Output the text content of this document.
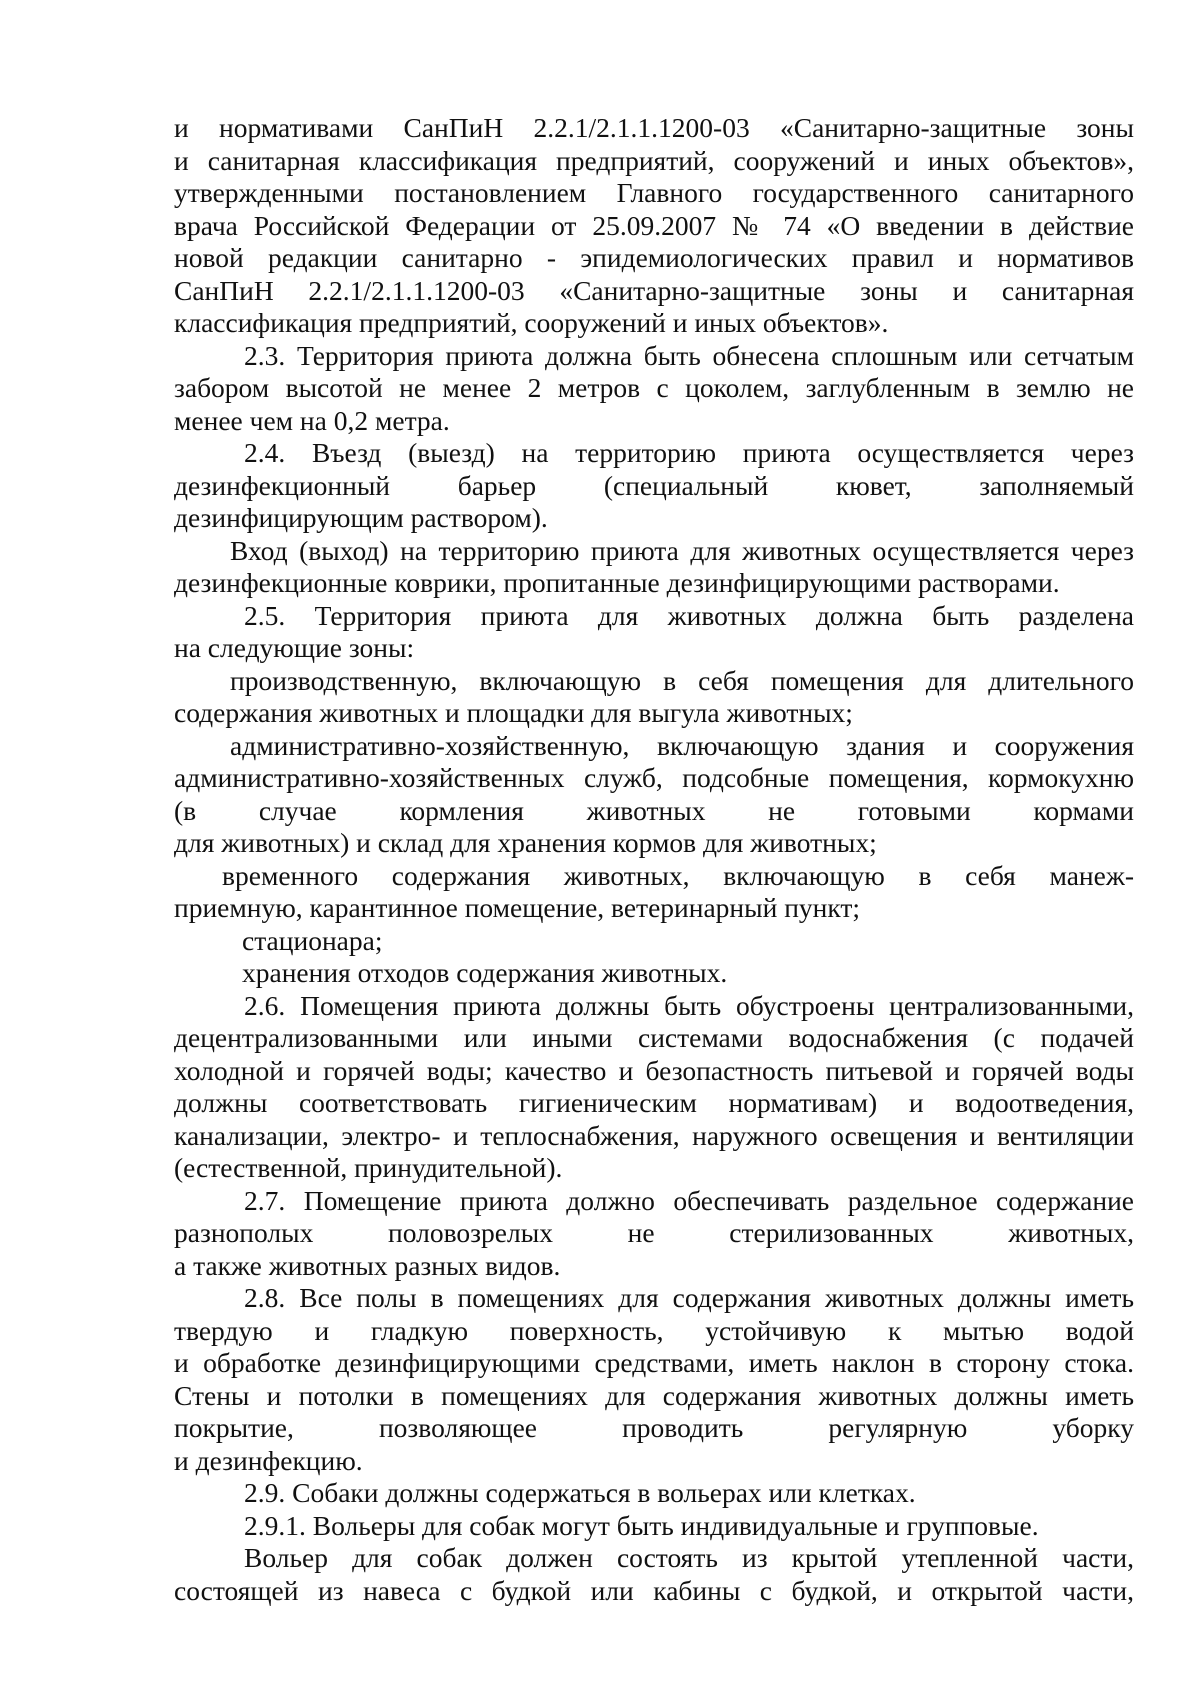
и нормативами СанПиН 2.2.1/2.1.1.1200-03 «Санитарно-защитные зоны
и санитарная классификация предприятий, сооружений и иных объектов»,
утвержденными постановлением Главного государственного санитарного
врача Российской Федерации от 25.09.2007 № 74 «О введении в действие
новой редакции санитарно - эпидемиологических правил и нормативов
СанПиН 2.2.1/2.1.1.1200-03 «Санитарно-защитные зоны и санитарная
классификация предприятий, сооружений и иных объектов».
2.3. Территория приюта должна быть обнесена сплошным или сетчатым
забором высотой не менее 2 метров с цоколем, заглубленным в землю не
менее чем на 0,2 метра.
2.4. Въезд (выезд) на территорию приюта осуществляется через
дезинфекционный барьер (специальный кювет, заполняемый
дезинфицирующим раствором).
Вход (выход) на территорию приюта для животных осуществляется через
дезинфекционные коврики, пропитанные дезинфицирующими растворами.
2.5. Территория приюта для животных должна быть разделена
на следующие зоны:
производственную, включающую в себя помещения для длительного
содержания животных и площадки для выгула животных;
административно-хозяйственную, включающую здания и сооружения
административно-хозяйственных служб, подсобные помещения, кормокухню
(в случае кормления животных не готовыми кормами
для животных) и склад для хранения кормов для животных;
временного содержания животных, включающую в себя манеж-
приемную, карантинное помещение, ветеринарный пункт;
стационара;
хранения отходов содержания животных.
2.6. Помещения приюта должны быть обустроены централизованными,
децентрализованными или иными системами водоснабжения (с подачей
холодной и горячей воды; качество и безопастность питьевой и горячей воды
должны соответствовать гигиеническим нормативам) и водоотведения,
канализации, электро- и теплоснабжения, наружного освещения и вентиляции
(естественной, принудительной).
2.7. Помещение приюта должно обеспечивать раздельное содержание
разнополых половозрелых не стерилизованных животных,
а также животных разных видов.
2.8. Все полы в помещениях для содержания животных должны иметь
твердую и гладкую поверхность, устойчивую к мытью водой
и обработке дезинфицирующими средствами, иметь наклон в сторону стока.
Стены и потолки в помещениях для содержания животных должны иметь
покрытие, позволяющее проводить регулярную уборку
и дезинфекцию.
2.9. Собаки должны содержаться в вольерах или клетках.
2.9.1. Вольеры для собак могут быть индивидуальные и групповые.
Вольер для собак должен состоять из крытой утепленной части,
состоящей из навеса с будкой или кабины с будкой, и открытой части,
